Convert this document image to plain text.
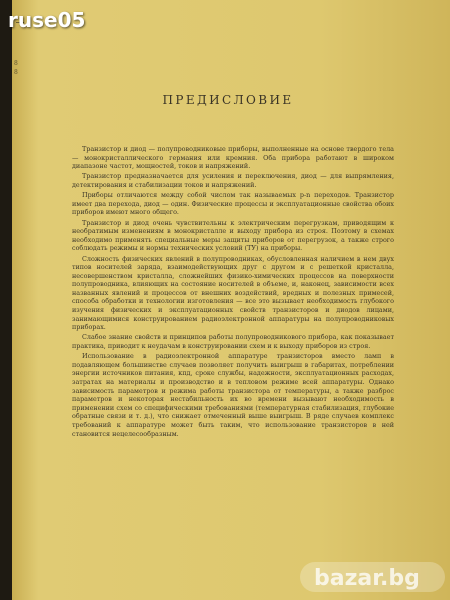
8
8
ПРЕДИСЛОВИЕ

Транзистор и диод — полупроводниковые приборы, выполненные на основе твердого тела — монокристаллического германия или кремния. Оба прибора работают в широком диапазоне частот, мощностей, токов и напряжений.

Транзистор предназначается для усиления и переключения, диод — для выпрямления, детектирования и стабилизации токов и напряжений.

Приборы отличаются между собой числом так называемых p-n переходов. Транзистор имеет два перехода, диод — один. Физические процессы и эксплуатационные свойства обоих приборов имеют много общего.

Транзистор и диод очень чувствительны к электрическим перегрузкам, приводящим к необратимым изменениям в монокристалле и выходу прибора из строя. Поэтому в схемах необходимо применять специальные меры защиты приборов от перегрузок, а также строго соблюдать режимы и нормы технических условий (ТУ) на приборы.

Сложность физических явлений в полупроводниках, обусловленная наличием в нем двух типов носителей заряда, взаимодействующих друг с другом и с решеткой кристалла, несовершенством кристалла, сложнейших физико-химических процессов на поверхности полупроводника, влияющих на состояние носителей в объеме, и, наконец, зависимости всех названных явлений и процессов от внешних воздействий, вредных и полезных примесей, способа обработки и технологии изготовления — все это вызывает необходимость глубокого изучения физических и эксплуатационных свойств транзисторов и диодов лицами, занимающимися конструированием радиоэлектронной аппаратуры на полупроводниковых приборах.

Слабое знание свойств и принципов работы полупроводникового прибора, как показывает практика, приводит к неудачам в конструировании схем и к выходу приборов из строя.

Использование в радиоэлектронной аппаратуре транзисторов вместо ламп в подавляющем большинстве случаев позволяет получить выигрыш в габаритах, потреблении энергии источников питания, кпд, сроке службы, надежности, эксплуатационных расходах, затратах на материалы и производство и в тепловом режиме всей аппаратуры. Однако зависимость параметров и режима работы транзистора от температуры, а также разброс параметров и некоторая нестабильность их во времени вызывают необходимость в применении схем со специфическими требованиями (температурная стабилизация, глубокие обратные связи и т. д.), что снижает отмеченный выше выигрыш. В ряде случаев комплекс требований к аппаратуре может быть таким, что использование транзисторов в ней становится нецелесообразным.

ruse05
bazar.bg
